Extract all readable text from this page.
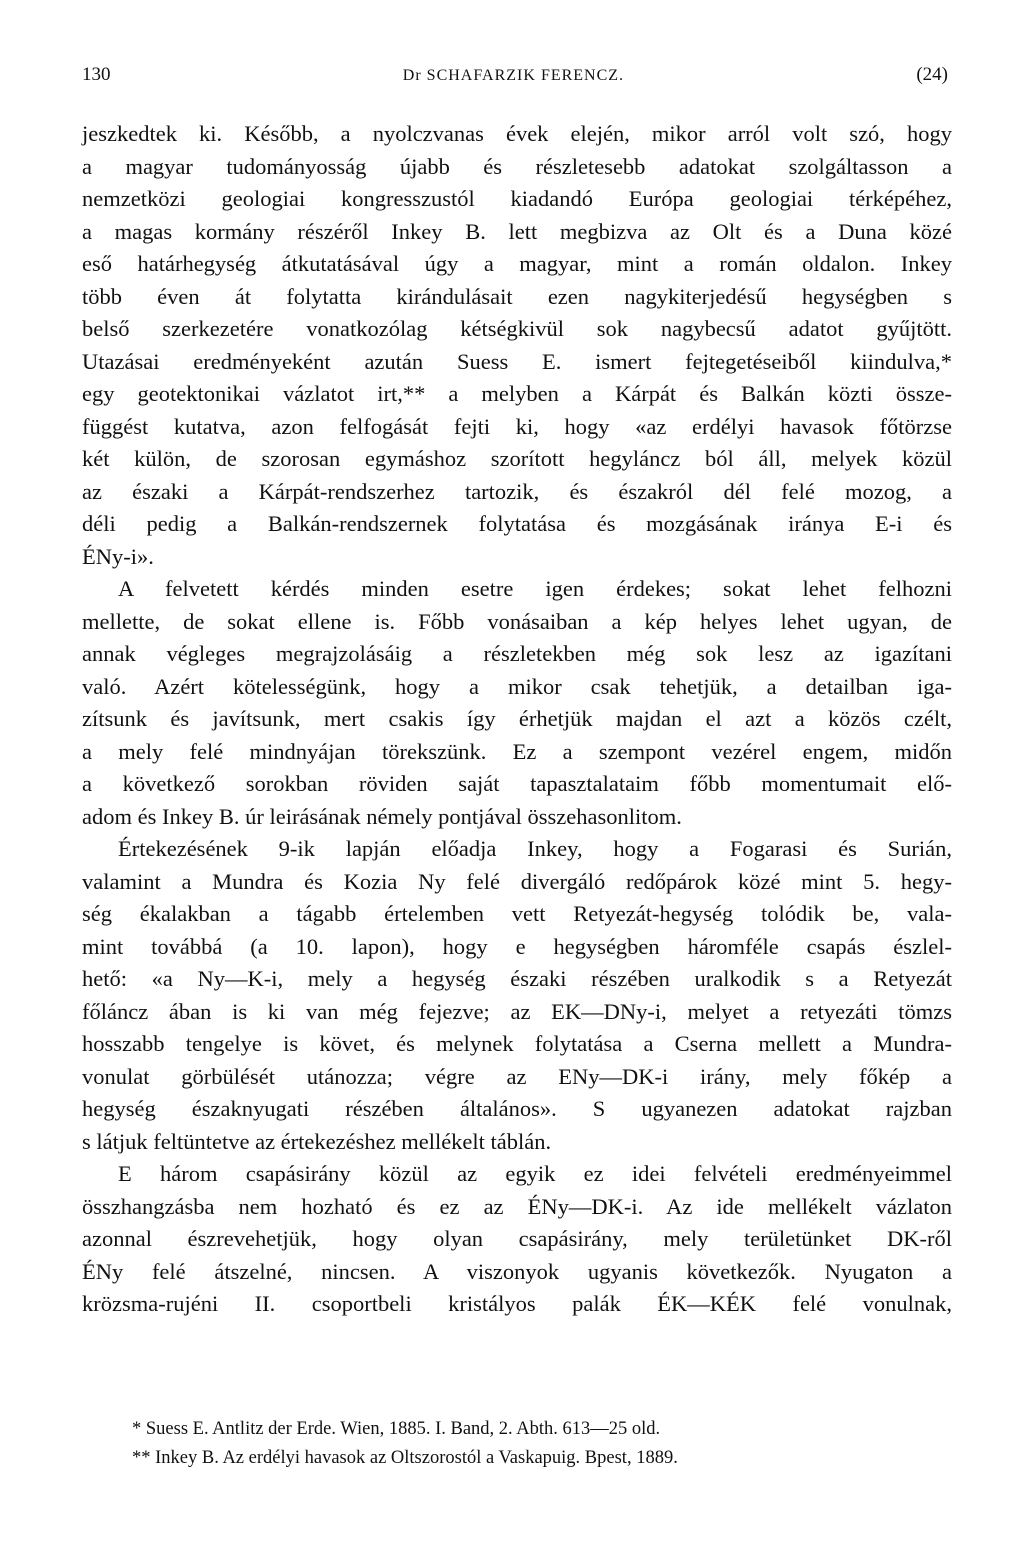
130	Dr SCHAFARZIK FERENCZ.	(24)
jeszkedtek ki. Később, a nyolczvanas évek elején, mikor arról volt szó, hogy
a magyar tudományosság újabb és részletesebb adatokat szolgáltasson a
nemzetközi geologiai kongresszustól kiadandó Európa geologiai térképéhez,
a magas kormány részéről Inkey B. lett megbizva az Olt és a Duna közé
eső határhegység átkutatásával úgy a magyar, mint a román oldalon. Inkey
több éven át folytatta kirándulásait ezen nagykiterjedésű hegységben s
belső szerkezetére vonatkozólag kétségkivül sok nagybecsű adatot gyűjtött.
Utazásai eredményeként azután Suess E. ismert fejtegetéseiből kiindulva,*
egy geotektonikai vázlatot irt,** a melyben a Kárpát és Balkán közti össze-
függést kutatva, azon felfogását fejti ki, hogy «az erdélyi havasok főtörzse
két külön, de szorosan egymáshoz szorított hegyláncz ból áll, melyek közül
az északi a Kárpát-rendszerhez tartozik, és északról dél felé mozog, a
déli pedig a Balkán-rendszernek folytatása és mozgásának iránya E-i és
ÉNy-i».
A felvetett kérdés minden esetre igen érdekes; sokat lehet felhozni
mellette, de sokat ellene is. Főbb vonásaiban a kép helyes lehet ugyan, de
annak végleges megrajzolásáig a részletekben még sok lesz az igazítani
való. Azért kötelességünk, hogy a mikor csak tehetjük, a detailban iga-
zítsunk és javítsunk, mert csakis így érhetjük majdan el azt a közös czélt,
a mely felé mindnyájan törekszünk. Ez a szempont vezérel engem, midőn
a következő sorokban röviden saját tapasztalataim főbb momentumait elő-
adom és Inkey B. úr leirásának némely pontjával összehasonlitom.
Értekezésének 9-ik lapján előadja Inkey, hogy a Fogarasi és Surián,
valamint a Mundra és Kozia Ny felé divergáló redőpárok közé mint 5. hegy-
ség ékalakban a tágabb értelemben vett Retyezát-hegység tolódik be, vala-
mint továbbá (a 10. lapon), hogy e hegységben háromféle csapás észlel-
hető: «a Ny—K-i, mely a hegység északi részében uralkodik s a Retyezát
főláncz ában is ki van még fejezve; az EK—DNy-i, melyet a retyezáti tömzs
hosszabb tengelye is követ, és melynek folytatása a Cserna mellett a Mundra-
vonulat görbülését utánozza; végre az ENy—DK-i irány, mely főkép a
hegység északnyugati részében általános». S ugyanezen adatokat rajzban
s látjuk feltüntetve az értekezéshez mellékelt táblán.
E három csapásirány közül az egyik ez idei felvételi eredményeimmel
összhangzásba nem hozható és ez az ÉNy—DK-i. Az ide mellékelt vázlaton
azonnal észrevehetjük, hogy olyan csapásirány, mely területünket DK-ről
ÉNy felé átszelné, nincsen. A viszonyok ugyanis következők. Nyugaton a
krözsma-rujéni II. csoportbeli kristályos palák ÉK—KÉK felé vonulnak,
* Suess E. Antlitz der Erde. Wien, 1885. I. Band, 2. Abth. 613—25 old.
** Inkey B. Az erdélyi havasok az Oltszorostól a Vaskapuig. Bpest, 1889.
